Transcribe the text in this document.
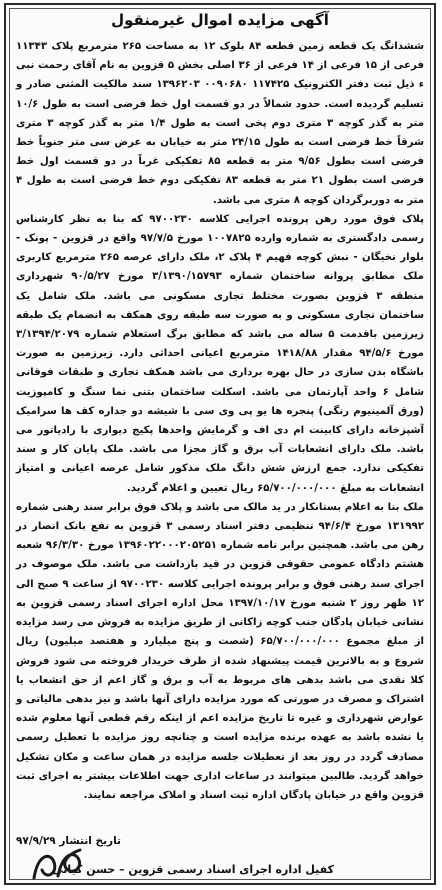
آگهی مزایده اموال غیرمنقول

ششدانگ یک قطعه زمین قطعه ۸۴ بلوک ۱۲ به مساحت ۲۶۵ مترمربع پلاک ۱۱۳۴۳ فرعی از ۱۵ فرعی از ۱۴ فرعی از ۳۶ اصلی بخش ۵ قزوین به نام آقای رحمت نبی ء ذیل ثبت دفتر الکترونیک ۱۱۷۴۲۵ ۰۰۹۰۶۸۰ ۱۳۹۶۲۰۳ سند مالکیت المثنی صادر و تسلیم گردیده است. حدود شمالاً در دو قسمت اول خط فرضی است به طول ۱۰/۶ متر به گذر کوچه ۳ متری دوم پخی است به طول ۱/۴ متر به گذر کوچه ۳ متری شرقاً خط فرضی است به طول ۲۴/۱۵ متر به خیابان به عرض سی متر جنوباً خط فرضی است بطول ۹/۵۶ متر به قطعه ۸۵ تفکیکی غرباً در دو قسمت اول خط فرضی است بطول ۲۱ متر به قطعه ۸۳ تفکیکی دوم خط فرضی است به طول ۴ متر به دوربرگردان کوچه ۸ متری می باشد.

پلاک فوق مورد رهن پرونده اجرایی کلاسه ۹۷۰۰۲۳۰ که بنا به نظر کارشناس رسمی دادگستری به شماره وارده ۱۰۰۷۸۲۵ مورخ ۹۷/۷/۵ واقع در قزوین - پونک - بلوار نخیگان - نبش کوچه فهیم ۴ پلاک ۲، ملک دارای عرصه ۲۶۵ مترمربع کاربری ملک مطابق پروانه ساختمان شماره ۳/۱۳۹۰/۱۵۷۹۳ مورخ ۹۰/۵/۲۷ شهرداری منطقه ۳ قزوین بصورت مختلط تجاری مسکونی می باشد. ملک شامل یک ساختمان تجاری مسکونی و به صورت سه طبقه روی همکف به انضمام یک طبقه زیرزمین باقدمت ۵ ساله می باشد که مطابق برگ استعلام شماره ۳/۱۳۹۴/۲۰۷۹ مورخ ۹۴/۵/۶ مقدار ۱۴۱۸/۸۸ مترمربع اعیانی احداثی دارد. زیرزمین به صورت باشگاه بدن سازی در حال بهره برداری می باشد همکف تجاری و طبقات فوقانی شامل ۶ واحد آپارتمان می باشد. اسکلت ساختمان بتنی نما سنگ و کامپوزیت (ورق آلمینیوم رنگی) پنجره ها یو پی وی سی با شیشه دو جداره کف ها سرامیک آشپزخانه دارای کابینت ام دی اف و گرمایش واحدها پکیج دیواری با رادیاتور می باشد. ملک دارای انشعابات آب برق و گاز مجزا می باشد. ملک پایان کار و سند تفکیکی ندارد. جمع ارزش شش دانگ ملک مذکور شامل عرصه اعیانی و امتیاز انشعابات به مبلغ ۶۵/۷۰۰/۰۰۰/۰۰۰ ریال تعیین و اعلام گردید.

ملک بنا به اعلام بستانکار در ید مالک می باشد و پلاک فوق برابر سند رهنی شماره ۱۳۱۹۹۲ مورخ ۹۴/۶/۴ تنظیمی دفتر اسناد رسمی ۳ قزوین به نفع بانک انصار در رهن می باشد. همچنین برابر نامه شماره ۱۳۹۶۰۲۲۰۰۰۲۰۵۲۵۱ مورخ ۹۶/۳/۳۰ شعبه هشتم دادگاه عمومی حقوقی قزوین در قید بازداشت می باشد. ملک موصوف در اجرای سند رهنی فوق و برابر پرونده اجرایی کلاسه ۹۷۰۰۲۳۰ از ساعت ۹ صبح الی ۱۲ ظهر روز ۲ شنبه مورخ ۱۳۹۷/۱۰/۱۷ محل اداره اجرای اسناد رسمی قزوین به نشانی خیابان پادگان جنب کوچه زاکانی از طریق مزایده به فروش می رسد مزایده از مبلغ مجموع ۶۵/۷۰۰/۰۰۰/۰۰۰ (شصت و پنج میلیارد و هفتصد میلیون) ریال شروع و به بالاترین قیمت پیشنهاد شده از طرف خریدار فروخته می شود فروش کلا نقدی می باشد بدهی های مربوط به آب و برق و گاز اعم از حق انشعاب یا اشتراک و مصرف در صورتی که مورد مزایده دارای آنها باشد و نیز بدهی مالیاتی و عوارض شهرداری و غیره تا تاریخ مزایده اعم از اینکه رقم قطعی آنها معلوم شده یا نشده باشد به عهده برنده مزایده است و چنانچه روز مزایده با تعطیل رسمی مصادف گردد در روز بعد از تعطیلات جلسه مزایده در همان ساعت و مکان تشکیل خواهد گردید. طالبین میتوانند در ساعات اداری جهت اطلاعات بیشتر به اجرای ثبت قزوین واقع در خیابان پادگان اداره ثبت اسناد و املاک مراجعه نمایند.

تاریخ انتشار ۹۷/۹/۲۹
کفیل اداره اجرای اسناد رسمی قزوین – حسن کیائی
